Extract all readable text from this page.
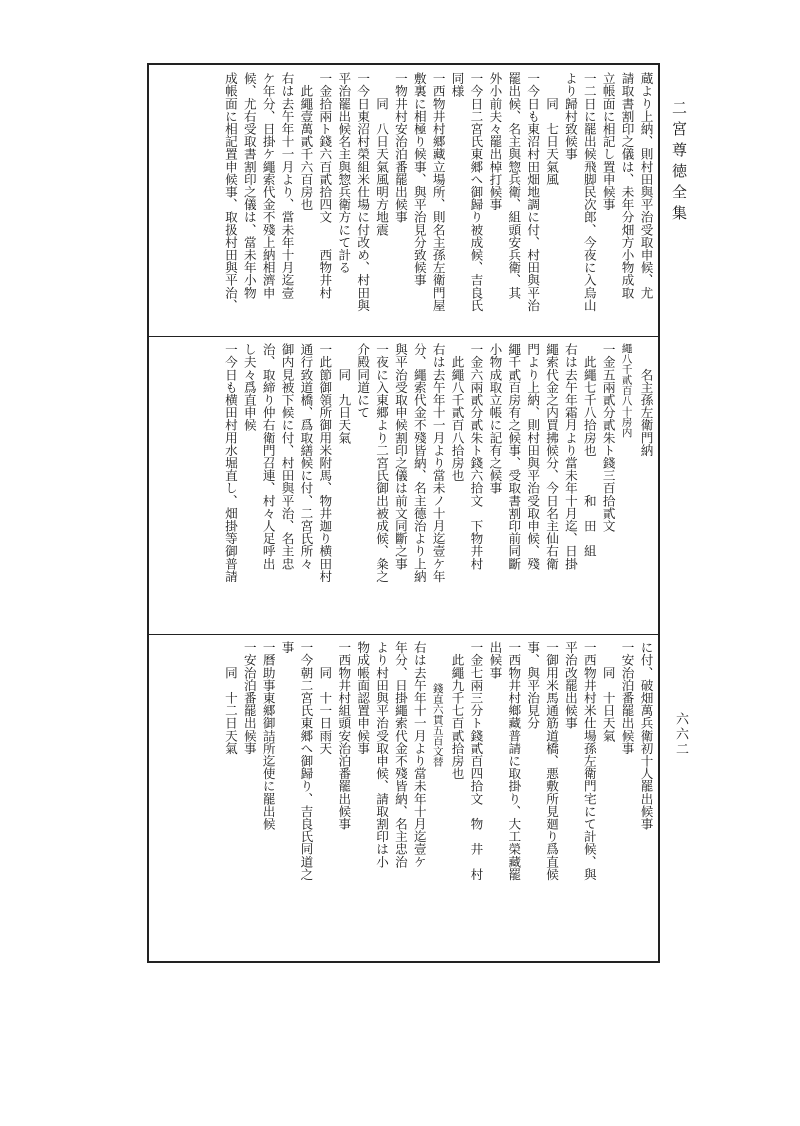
二宮尊徳全集
六六二
蔵より上納、則村田與平治受取申候、尤
請取書割印之儀は、未年分畑方小物成取
立帳面に相記し置申候事
一二日に罷出候飛脚民次郎、今夜に入烏山
より歸村致候事
　　同　七日天氣風
一今日も東沼村田畑地調に付、村田與平治
罷出候、名主與惣兵衛、組頭安兵衛、其
外小前夫々罷出棹打候事
一今日二宮氏東郷へ御歸り被成候、吉良氏
同様
一西物井村郷藏立場所、則名主孫左衛門屋
敷裏に相極り候事、與平治見分致候事
一物井村安治泊番罷出候事
　　同　八日天氣風明方地震
一今日東沼村榮組米仕場に付改め、村田與
平治罷出候名主與惣兵衛方にて計る
一金拾兩ト錢六百貳拾四文　　西物井村
　此繩壹萬貳千六百房也
右は去午年十一月より、當未年十月迄壹
ケ年分、日掛ケ繩索代金不殘上納相濟申
候、尤右受取書割印之儀は、當未年小物
成帳面に相記置申候事、取扱村田與平治、
　　名主孫左衛門納
繩八千貳百八十房内
一金五兩貳分貳朱ト錢三百拾貳文
　此繩七千八拾房也　　　和　田　組
右は去午年霜月より當未年十月迄、日掛
繩索代金之内買拂候分、今日名主仙右衛
門より上納、則村田與平治受取申候、殘
繩千貳百房有之候事、受取書割印前同斷
小物成取立帳に記有之候事
一金六兩貳分貳朱ト錢六拾文　下物井村
　此繩八千貳百八拾房也
右は去午年十一月より當未ノ十月迄壹ケ年
分、繩索代金不殘皆納、名主德治より上納
與平治受取申候割印之儀は前文同斷之事
一夜に入東郷より二宮氏御出被成候、粂之
介殿同道にて
　　同　九日天氣
一此節御領所御用米附馬、物井迦り横田村
通行致道橋、爲取繕候に付、二宮氏所々
御内見被下候に付、村田與平治、名主忠
治、取締り仲右衛門召連、村々人足呼出
し夫々爲直申候
一今日も横田村用水堀直し、畑掛等御普請
に付、破畑萬兵衛初十人罷出候事
一安治泊番罷出候事
　　同　十日天氣
一西物井村米仕場孫左衛門宅にて計候、與
平治改罷出候事
一御用米馬通筋道橋、悪敷所見廻り爲直候
事、與平治見分
一西物井村鄉藏普請に取掛り、大工榮藏罷
出候事
一金七兩三分ト錢貳百四拾文　物　井　村
　此繩九千七百貳拾房也
　　　　錢直六貫五百文替
右は去午年十一月より當未年十月迄壹ケ
年分、日掛繩索代金不殘皆納、名主忠治
より村田與平治受取申候、請取割印は小
物成帳面認置申候事
一西物井村組頭安治泊番罷出候事
　　同　十一日雨天
一今朝二宮氏東郷へ御歸り、吉良氏同道之
事
一曆助事東郷御詰所迄使に罷出候
一安治泊番罷出候事
　　同　十二日天氣
